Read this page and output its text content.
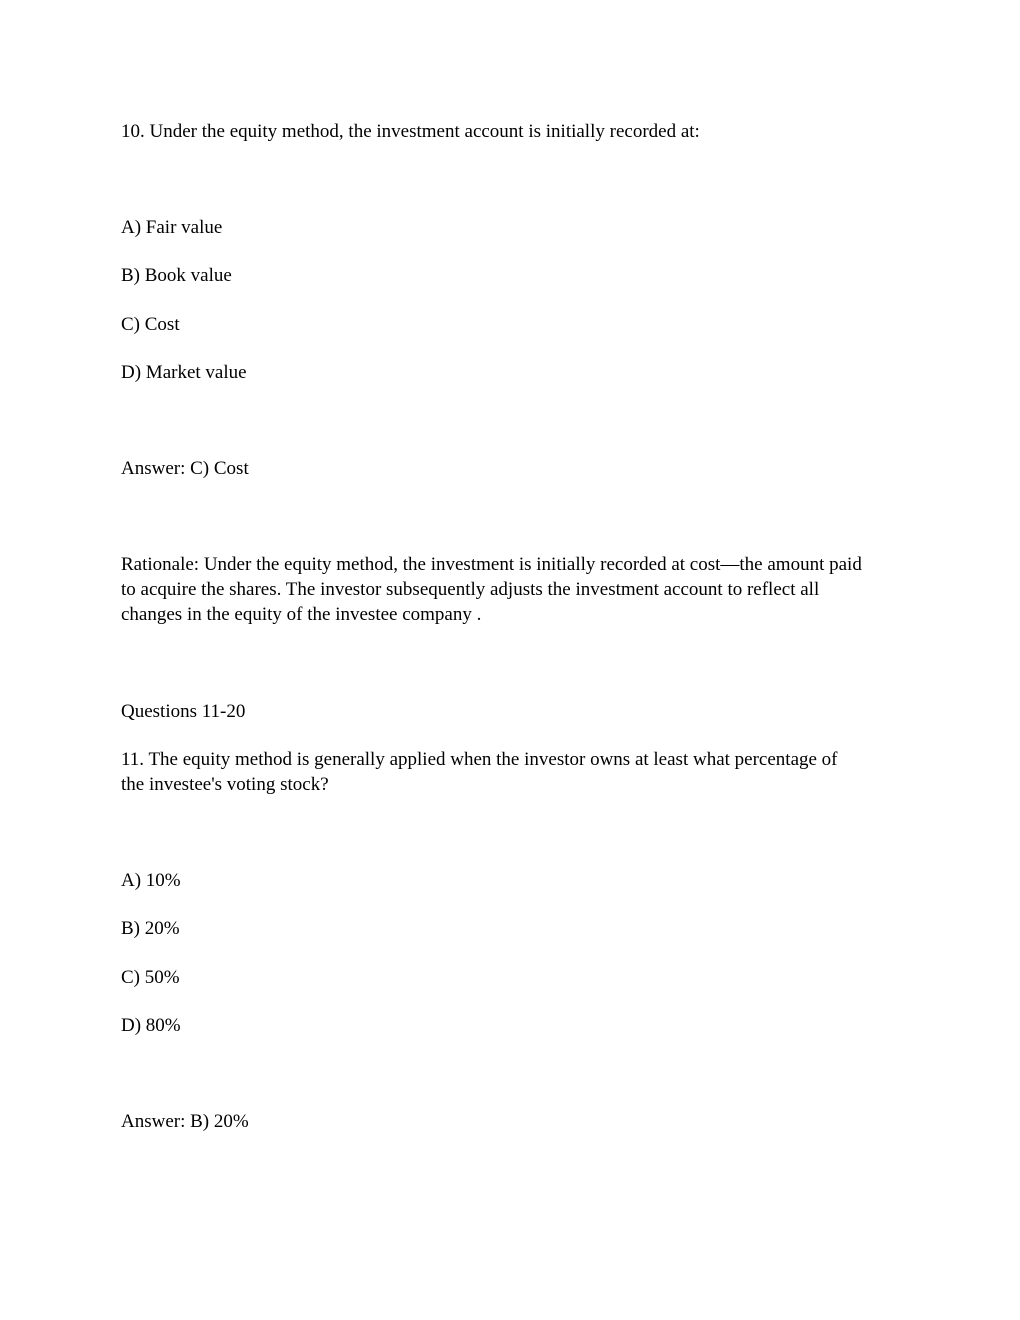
10. Under the equity method, the investment account is initially recorded at:

A) Fair value

B) Book value

C) Cost

D) Market value

Answer: C) Cost

Rationale: Under the equity method, the investment is initially recorded at cost—the amount paid

to acquire the shares. The investor subsequently adjusts the investment account to reflect all

changes in the equity of the investee company .

Questions 11-20

11. The equity method is generally applied when the investor owns at least what percentage of

the investee's voting stock?

A) 10%

B) 20%

C) 50%

D) 80%

Answer: B) 20%
